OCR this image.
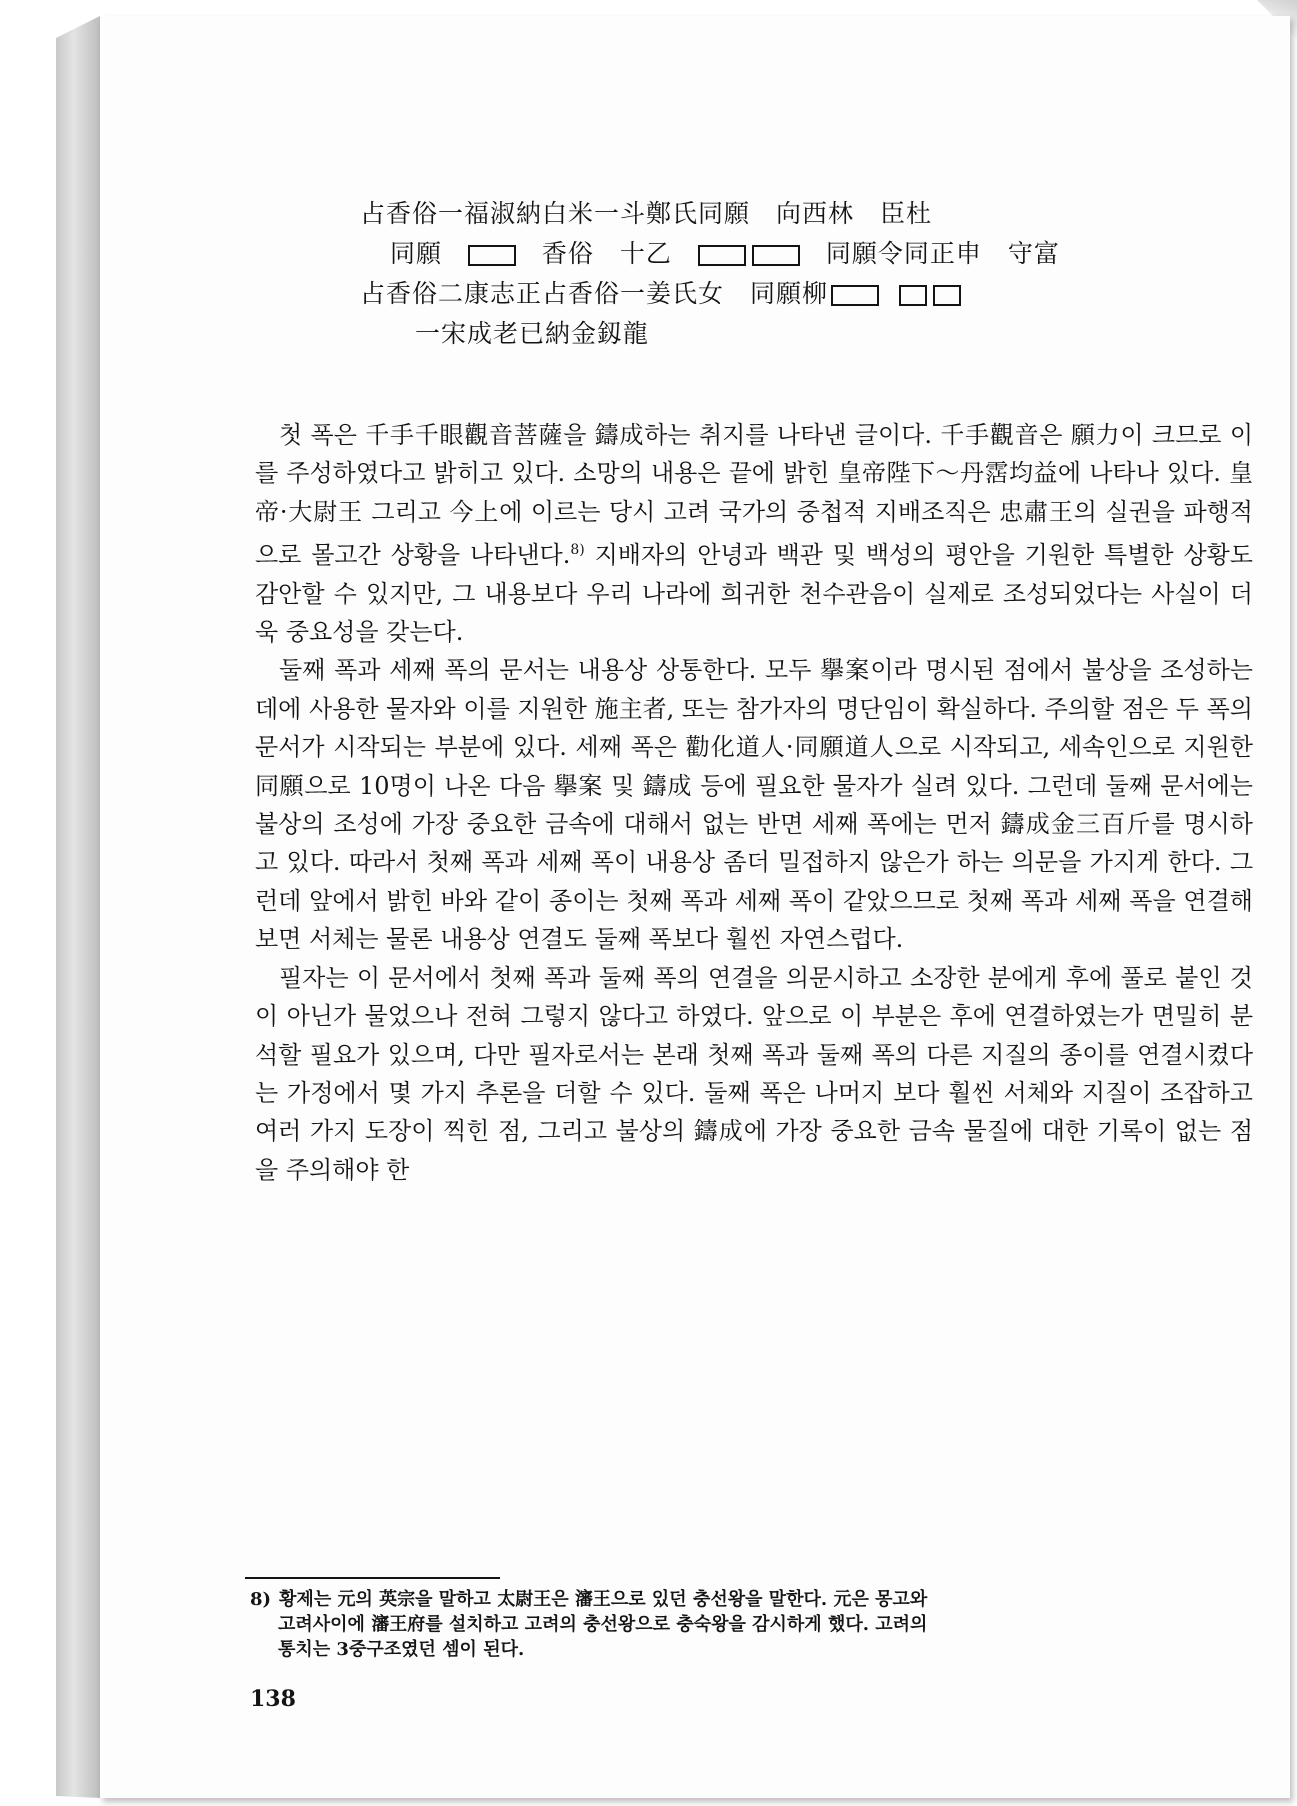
占香俗一福淑納白米一斗鄭氏同願　向西林　臣杜
同願	香俗　十乙	同願令同正申　守富
占香俗二康志正占香俗一姜氏女　同願柳
一宋成老已納金釼龍

첫 폭은 千手千眼觀音菩薩을 鑄成하는 취지를 나타낸 글이다. 千手觀音은 願力이 크므로 이를 주성하였다고 밝히고 있다. 소망의 내용은 끝에 밝힌 皇帝陛下～丹霑均益에 나타나 있다. 皇帝·大尉王 그리고 今上에 이르는 당시 고려 국가의 중첩적 지배조직은 忠肅王의 실권을 파행적으로 몰고간 상황을 나타낸다.$^{8)}$ 지배자의 안녕과 백관 및 백성의 평안을 기원한 특별한 상황도 감안할 수 있지만, 그 내용보다 우리 나라에 희귀한 천수관음이 실제로 조성되었다는 사실이 더욱 중요성을 갖는다.

둘째 폭과 세째 폭의 문서는 내용상 상통한다. 모두 擧案이라 명시된 점에서 불상을 조성하는 데에 사용한 물자와 이를 지원한 施主者, 또는 참가자의 명단임이 확실하다. 주의할 점은 두 폭의 문서가 시작되는 부분에 있다. 세째 폭은 勸化道人·同願道人으로 시작되고, 세속인으로 지원한 同願으로 10명이 나온 다음 擧案 및 鑄成 등에 필요한 물자가 실려 있다. 그런데 둘째 문서에는 불상의 조성에 가장 중요한 금속에 대해서 없는 반면 세째 폭에는 먼저 鑄成金三百斤를 명시하고 있다. 따라서 첫째 폭과 세째 폭이 내용상 좀더 밀접하지 않은가 하는 의문을 가지게 한다. 그런데 앞에서 밝힌 바와 같이 종이는 첫째 폭과 세째 폭이 같았으므로 첫째 폭과 세째 폭을 연결해 보면 서체는 물론 내용상 연결도 둘째 폭보다 훨씬 자연스럽다.

필자는 이 문서에서 첫째 폭과 둘째 폭의 연결을 의문시하고 소장한 분에게 후에 풀로 붙인 것이 아닌가 물었으나 전혀 그렇지 않다고 하였다. 앞으로 이 부분은 후에 연결하였는가 면밀히 분석할 필요가 있으며, 다만 필자로서는 본래 첫째 폭과 둘째 폭의 다른 지질의 종이를 연결시켰다는 가정에서 몇 가지 추론을 더할 수 있다. 둘째 폭은 나머지 보다 훨씬 서체와 지질이 조잡하고 여러 가지 도장이 찍힌 점, 그리고 불상의 鑄成에 가장 중요한 금속 물질에 대한 기록이 없는 점을 주의해야 한

8) 황제는 元의 英宗을 말하고 太尉王은 瀋王으로 있던 충선왕을 말한다. 元은 몽고와
고려사이에 瀋王府를 설치하고 고려의 충선왕으로 충숙왕을 감시하게 했다. 고려의
통치는 3중구조였던 셈이 된다.
138
